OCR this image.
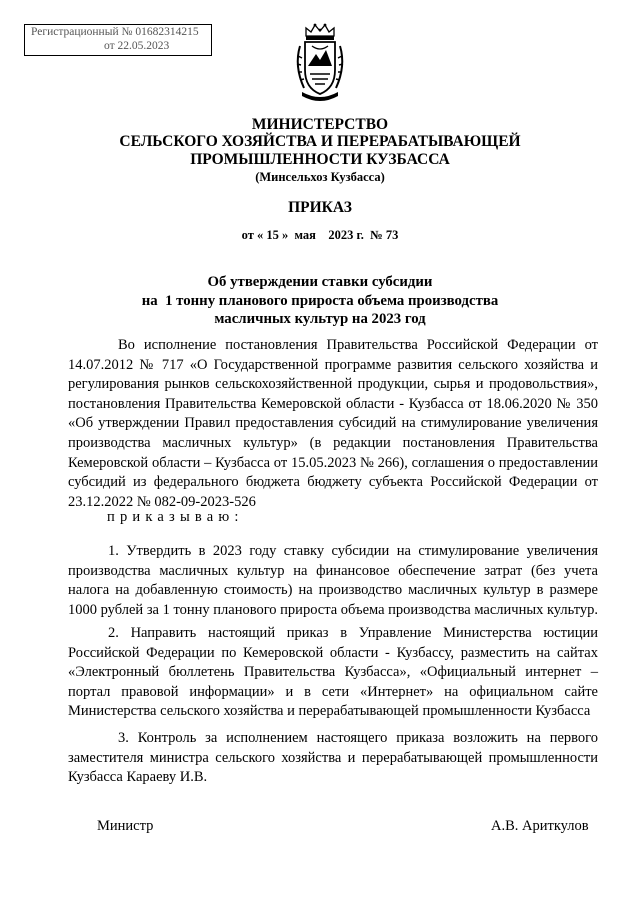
Регистрационный № 01682314215
от 22.05.2023
МИНИСТЕРСТВО
СЕЛЬСКОГО ХОЗЯЙСТВА И ПЕРЕРАБАТЫВАЮЩЕЙ
ПРОМЫШЛЕННОСТИ КУЗБАССА
(Минсельхоз Кузбасса)
ПРИКАЗ
от « 15 »  мая    2023 г.  № 73
Об утверждении ставки субсидии
на  1 тонну планового прироста объема производства
масличных культур на 2023 год
Во исполнение постановления Правительства Российской Федерации от 14.07.2012 № 717 «О Государственной программе развития сельского хозяйства и регулирования рынков сельскохозяйственной продукции, сырья и продовольствия», постановления Правительства Кемеровской области - Кузбасса от 18.06.2020 № 350 «Об утверждении Правил предоставления субсидий на стимулирование увеличения производства масличных культур» (в редакции постановления Правительства Кемеровской области – Кузбасса от 15.05.2023 № 266), соглашения о предоставлении субсидий из федерального бюджета бюджету субъекта Российской Федерации от 23.12.2022 № 082-09-2023-526
приказываю:
1. Утвердить в 2023 году ставку субсидии на стимулирование увеличения производства масличных культур на финансовое обеспечение затрат (без учета налога на добавленную стоимость) на производство масличных культур в размере 1000 рублей за 1 тонну планового прироста объема производства масличных культур.
2. Направить настоящий приказ в Управление Министерства юстиции Российской Федерации по Кемеровской области - Кузбассу, разместить на сайтах «Электронный бюллетень Правительства Кузбасса», «Официальный интернет – портал правовой информации» и в сети «Интернет» на официальном сайте Министерства сельского хозяйства и перерабатывающей промышленности Кузбасса
3. Контроль за исполнением настоящего приказа возложить на первого заместителя министра сельского хозяйства и перерабатывающей промышленности Кузбасса Караеву И.В.
Министр	А.В. Ариткулов
